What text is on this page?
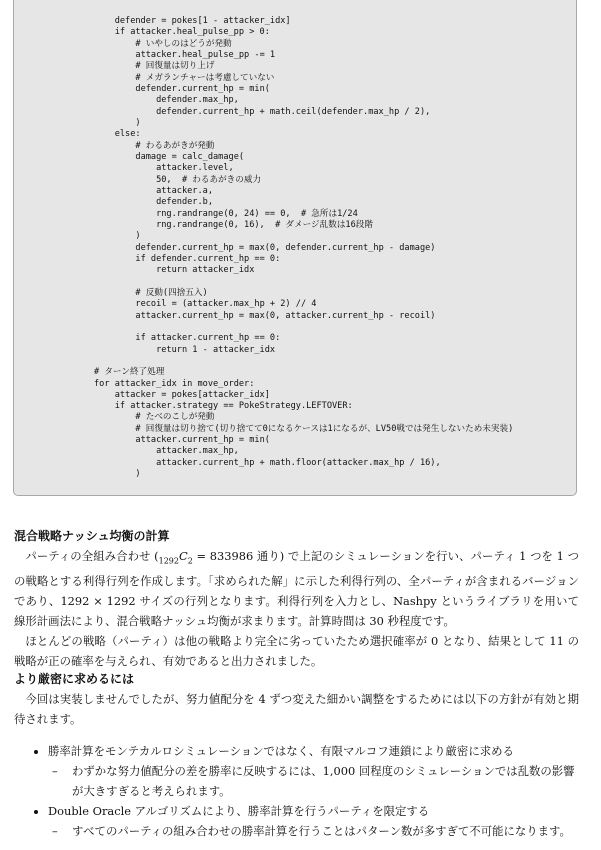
defender = pokes[1 - attacker_idx]
if attacker.heal_pulse_pp > 0:
# いやしのはどうが発動
attacker.heal_pulse_pp -= 1
# 回復量は切り上げ
# メガランチャーは考慮していない
defender.current_hp = min(
defender.max_hp,
defender.current_hp + math.ceil(defender.max_hp / 2),
)
else:
# わるあがきが発動
damage = calc_damage(
attacker.level,
50,  # わるあがきの威力
attacker.a,
defender.b,
rng.randrange(0, 24) == 0,  # 急所は1/24
rng.randrange(0, 16),  # ダメージ乱数は16段階
)
defender.current_hp = max(0, defender.current_hp - damage)
if defender.current_hp == 0:
return attacker_idx
# 反動(四捨五入)
recoil = (attacker.max_hp + 2) // 4
attacker.current_hp = max(0, attacker.current_hp - recoil)
if attacker.current_hp == 0:
return 1 - attacker_idx
# ターン終了処理
for attacker_idx in move_order:
attacker = pokes[attacker_idx]
if attacker.strategy == PokeStrategy.LEFTOVER:
# たべのこしが発動
# 回復量は切り捨て(切り捨てて0になるケースは1になるが、LV50戦では発生しないため未実装)
attacker.current_hp = min(
attacker.max_hp,
attacker.current_hp + math.floor(attacker.max_hp / 16),
)
混合戦略ナッシュ均衡の計算

パーティの全組み合わせ ($_{1292}C_2 = 833986$ 通り) で上記のシミュレーションを行い、パーティ 1 つを 1 つの戦略とする利得行列を作成します。「求められた解」に示した利得行列の、全パーティが含まれるバージョンであり、1292 × 1292 サイズの行列となります。利得行列を入力とし、Nashpy というライブラリを用いて線形計画法により、混合戦略ナッシュ均衡が求まります。計算時間は 30 秒程度です。

ほとんどの戦略（パーティ）は他の戦略より完全に劣っていたため選択確率が 0 となり、結果として 11 の戦略が正の確率を与えられ、有効であると出力されました。

より厳密に求めるには

今回は実装しませんでしたが、努力値配分を 4 ずつ変えた細かい調整をするためには以下の方針が有効と期待されます。

• 勝率計算をモンテカルロシミュレーションではなく、有限マルコフ連鎖により厳密に求める
– わずかな努力値配分の差を勝率に反映するには、1,000 回程度のシミュレーションでは乱数の影響が大きすぎると考えられます。
• Double Oracle アルゴリズムにより、勝率計算を行うパーティを限定する
– すべてのパーティの組み合わせの勝率計算を行うことはパターン数が多すぎて不可能になります。
